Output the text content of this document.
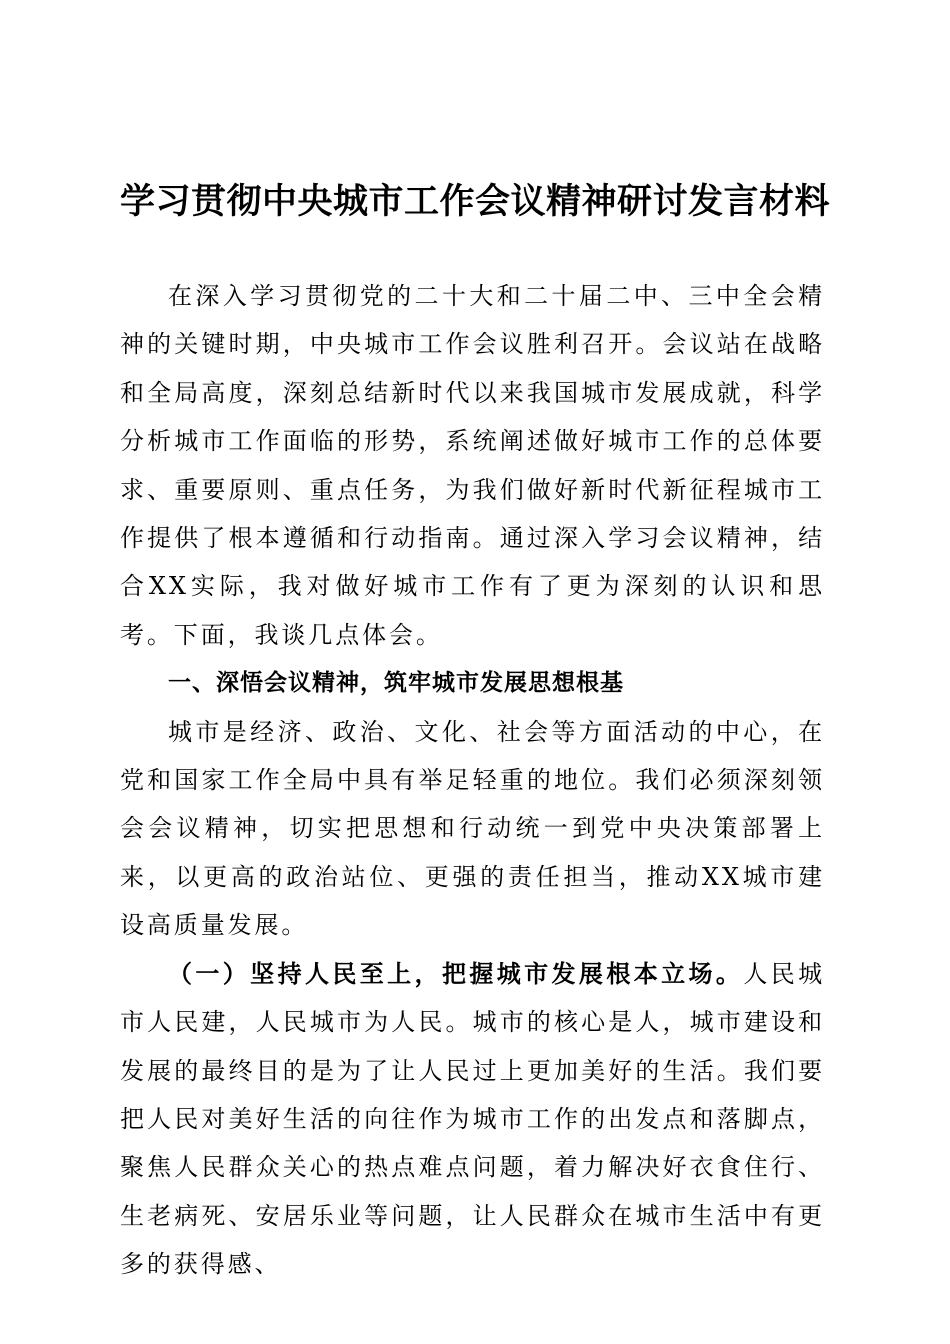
学习贯彻中央城市工作会议精神研讨发言材料

在深入学习贯彻党的二十大和二十届二中、三中全会精神的关键时期，中央城市工作会议胜利召开。会议站在战略和全局高度，深刻总结新时代以来我国城市发展成就，科学分析城市工作面临的形势，系统阐述做好城市工作的总体要求、重要原则、重点任务，为我们做好新时代新征程城市工作提供了根本遵循和行动指南。通过深入学习会议精神，结合XX实际，我对做好城市工作有了更为深刻的认识和思考。下面，我谈几点体会。

一、深悟会议精神，筑牢城市发展思想根基

城市是经济、政治、文化、社会等方面活动的中心，在党和国家工作全局中具有举足轻重的地位。我们必须深刻领会会议精神，切实把思想和行动统一到党中央决策部署上来，以更高的政治站位、更强的责任担当，推动XX城市建设高质量发展。

（一）坚持人民至上，把握城市发展根本立场。人民城市人民建，人民城市为人民。城市的核心是人，城市建设和发展的最终目的是为了让人民过上更加美好的生活。我们要把人民对美好生活的向往作为城市工作的出发点和落脚点，聚焦人民群众关心的热点难点问题，着力解决好衣食住行、生老病死、安居乐业等问题，让人民群众在城市生活中有更多的获得感、
